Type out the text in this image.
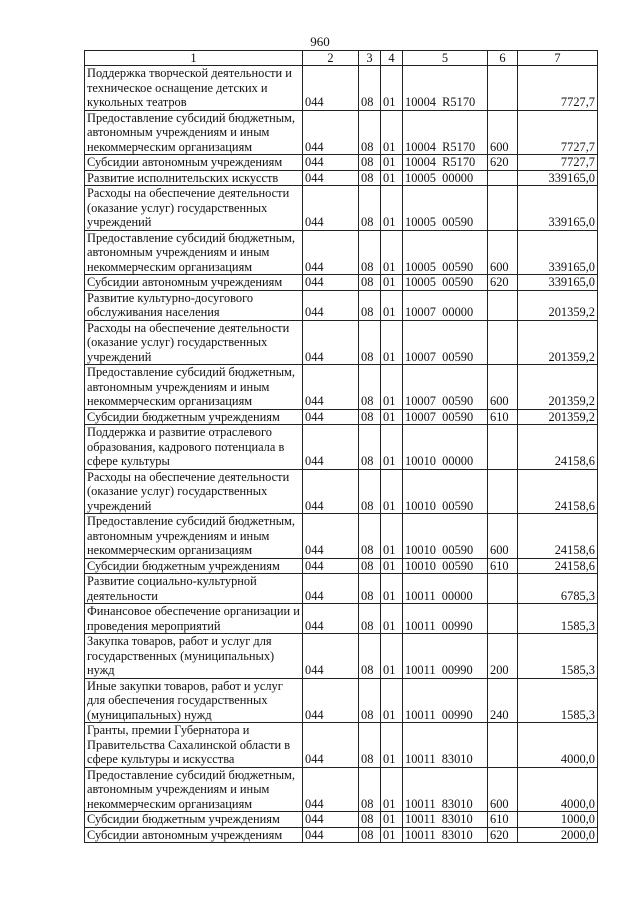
960
1	2	3	4	5	6	7
Поддержка творческой деятельности и техническое оснащение детских и кукольных театров	044	08	01	10004  R5170		7727,7
Предоставление субсидий бюджетным, автономным учреждениям и иным некоммерческим организациям	044	08	01	10004  R5170	600	7727,7
Субсидии автономным учреждениям	044	08	01	10004  R5170	620	7727,7
Развитие исполнительских искусств	044	08	01	10005  00000		339165,0
Расходы на обеспечение деятельности (оказание услуг) государственных учреждений	044	08	01	10005  00590		339165,0
Предоставление субсидий бюджетным, автономным учреждениям и иным некоммерческим организациям	044	08	01	10005  00590	600	339165,0
Субсидии автономным учреждениям	044	08	01	10005  00590	620	339165,0
Развитие культурно-досугового обслуживания населения	044	08	01	10007  00000		201359,2
Расходы на обеспечение деятельности (оказание услуг) государственных учреждений	044	08	01	10007  00590		201359,2
Предоставление субсидий бюджетным, автономным учреждениям и иным некоммерческим организациям	044	08	01	10007  00590	600	201359,2
Субсидии бюджетным учреждениям	044	08	01	10007  00590	610	201359,2
Поддержка и развитие отраслевого образования, кадрового потенциала в сфере культуры	044	08	01	10010  00000		24158,6
Расходы на обеспечение деятельности (оказание услуг) государственных учреждений	044	08	01	10010  00590		24158,6
Предоставление субсидий бюджетным, автономным учреждениям и иным некоммерческим организациям	044	08	01	10010  00590	600	24158,6
Субсидии бюджетным учреждениям	044	08	01	10010  00590	610	24158,6
Развитие социально-культурной деятельности	044	08	01	10011  00000		6785,3
Финансовое обеспечение организации и проведения мероприятий	044	08	01	10011  00990		1585,3
Закупка товаров, работ и услуг для государственных (муниципальных) нужд	044	08	01	10011  00990	200	1585,3
Иные закупки товаров, работ и услуг для обеспечения государственных (муниципальных) нужд	044	08	01	10011  00990	240	1585,3
Гранты, премии Губернатора и Правительства Сахалинской области в сфере культуры и искусства	044	08	01	10011  83010		4000,0
Предоставление субсидий бюджетным, автономным учреждениям и иным некоммерческим организациям	044	08	01	10011  83010	600	4000,0
Субсидии бюджетным учреждениям	044	08	01	10011  83010	610	1000,0
Субсидии автономным учреждениям	044	08	01	10011  83010	620	2000,0
